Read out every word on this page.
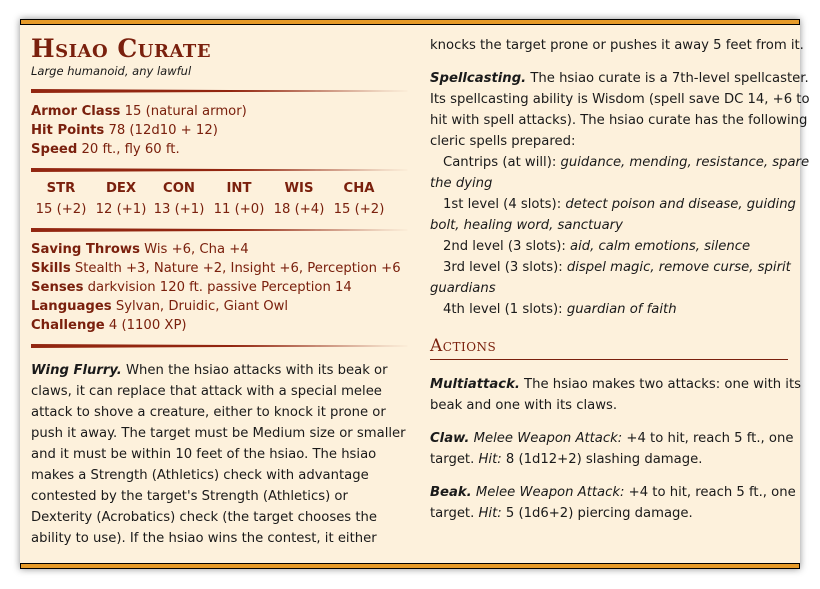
Hsiao Curate
Large humanoid, any lawful
Armor Class 15 (natural armor)
Hit Points 78 (12d10 + 12)
Speed 20 ft., fly 60 ft.
STR
15 (+2)
DEX
12 (+1)
CON
13 (+1)
INT
11 (+0)
WIS
18 (+4)
CHA
15 (+2)
Saving Throws Wis +6, Cha +4
Skills Stealth +3, Nature +2, Insight +6, Perception +6
Senses darkvision 120 ft. passive Perception 14
Languages Sylvan, Druidic, Giant Owl
Challenge 4 (1100 XP)
Wing Flurry. When the hsiao attacks with its beak or
claws, it can replace that attack with a special melee
attack to shove a creature, either to knock it prone or
push it away. The target must be Medium size or smaller
and it must be within 10 feet of the hsiao. The hsiao
makes a Strength (Athletics) check with advantage
contested by the target's Strength (Athletics) or
Dexterity (Acrobatics) check (the target chooses the
ability to use). If the hsiao wins the contest, it either
knocks the target prone or pushes it away 5 feet from it.
Spellcasting. The hsiao curate is a 7th-level spellcaster.
Its spellcasting ability is Wisdom (spell save DC 14, +6 to
hit with spell attacks). The hsiao curate has the following
cleric spells prepared:
Cantrips (at will): guidance, mending, resistance, spare
the dying
1st level (4 slots): detect poison and disease, guiding
bolt, healing word, sanctuary
2nd level (3 slots): aid, calm emotions, silence
3rd level (3 slots): dispel magic, remove curse, spirit
guardians
4th level (1 slots): guardian of faith
Actions
Multiattack. The hsiao makes two attacks: one with its
beak and one with its claws.
Claw. Melee Weapon Attack: +4 to hit, reach 5 ft., one
target. Hit: 8 (1d12+2) slashing damage.
Beak. Melee Weapon Attack: +4 to hit, reach 5 ft., one
target. Hit: 5 (1d6+2) piercing damage.
